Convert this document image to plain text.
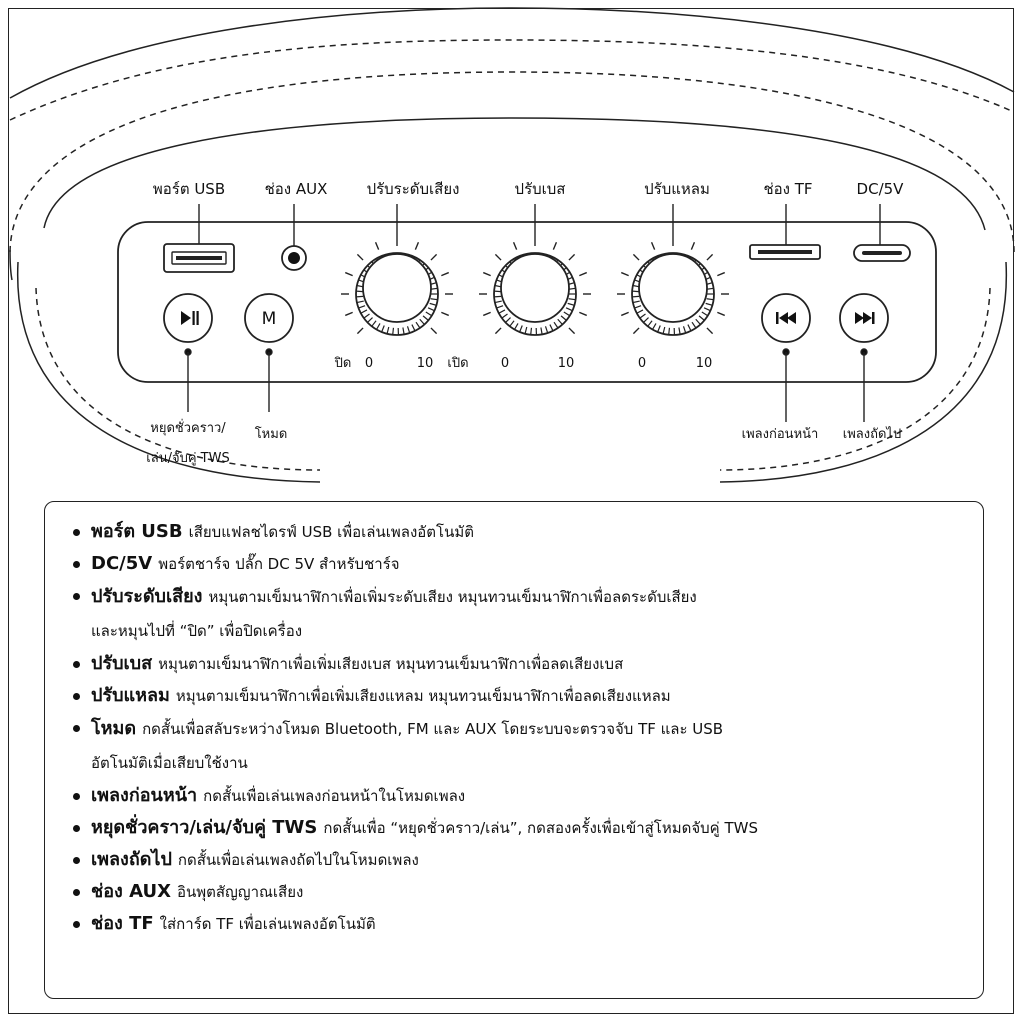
M
พอร์ต USB	ช่อง AUX	ปรับระดับเสียง	ปรับเบส	ปรับแหลม	ช่อง TF	DC/5V
ปิด 0	10 เปิด 0	10	0	10
หยุดชั่วคราว/
เล่น/จับคู่ TWS
โหมด	เพลงก่อนหน้า เพลงถัดไป
พอร์ต USB เสียบแฟลชไดรฟ์ USB เพื่อเล่นเพลงอัตโนมัติ
DC/5V พอร์ตชาร์จ ปลั๊ก DC 5V สำหรับชาร์จ
ปรับระดับเสียง หมุนตามเข็มนาฬิกาเพื่อเพิ่มระดับเสียง หมุนทวนเข็มนาฬิกาเพื่อลดระดับเสียง
และหมุนไปที่ “ปิด” เพื่อปิดเครื่อง
ปรับเบส หมุนตามเข็มนาฬิกาเพื่อเพิ่มเสียงเบส หมุนทวนเข็มนาฬิกาเพื่อลดเสียงเบส
ปรับแหลม หมุนตามเข็มนาฬิกาเพื่อเพิ่มเสียงแหลม หมุนทวนเข็มนาฬิกาเพื่อลดเสียงแหลม
โหมด กดสั้นเพื่อสลับระหว่างโหมด Bluetooth, FM และ AUX โดยระบบจะตรวจจับ TF และ USB
อัตโนมัติเมื่อเสียบใช้งาน
เพลงก่อนหน้า กดสั้นเพื่อเล่นเพลงก่อนหน้าในโหมดเพลง
หยุดชั่วคราว/เล่น/จับคู่ TWS กดสั้นเพื่อ “หยุดชั่วคราว/เล่น”, กดสองครั้งเพื่อเข้าสู่โหมดจับคู่ TWS
เพลงถัดไป กดสั้นเพื่อเล่นเพลงถัดไปในโหมดเพลง
ช่อง AUX อินพุตสัญญาณเสียง
ช่อง TF ใส่การ์ด TF เพื่อเล่นเพลงอัตโนมัติ
